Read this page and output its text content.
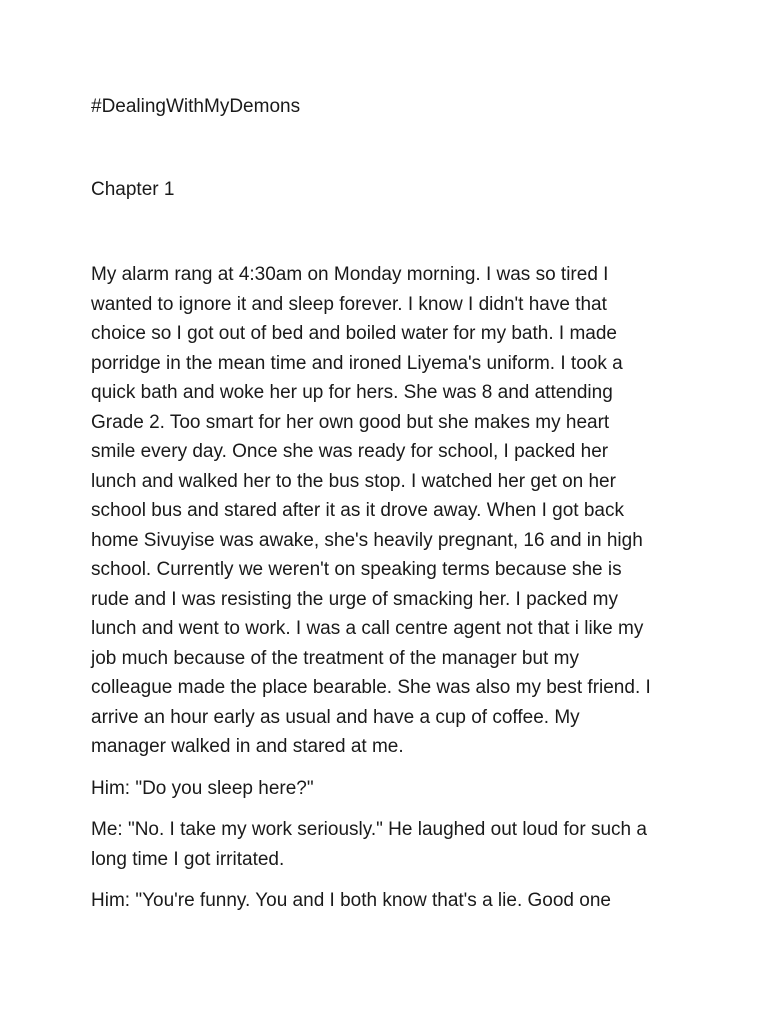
#DealingWithMyDemons
Chapter 1

My alarm rang at 4:30am on Monday morning. I was so tired I
wanted to ignore it and sleep forever. I know I didn't have that
choice so I got out of bed and boiled water for my bath. I made
porridge in the mean time and ironed Liyema's uniform. I took a
quick bath and woke her up for hers. She was 8 and attending
Grade 2. Too smart for her own good but she makes my heart
smile every day. Once she was ready for school, I packed her
lunch and walked her to the bus stop. I watched her get on her
school bus and stared after it as it drove away. When I got back
home Sivuyise was awake, she's heavily pregnant, 16 and in high
school. Currently we weren't on speaking terms because she is
rude and I was resisting the urge of smacking her. I packed my
lunch and went to work. I was a call centre agent not that i like my
job much because of the treatment of the manager but my
colleague made the place bearable. She was also my best friend. I
arrive an hour early as usual and have a cup of coffee. My
manager walked in and stared at me.

Him: "Do you sleep here?"

Me: "No. I take my work seriously." He laughed out loud for such a
long time I got irritated.

Him: "You're funny. You and I both know that's a lie. Good one
